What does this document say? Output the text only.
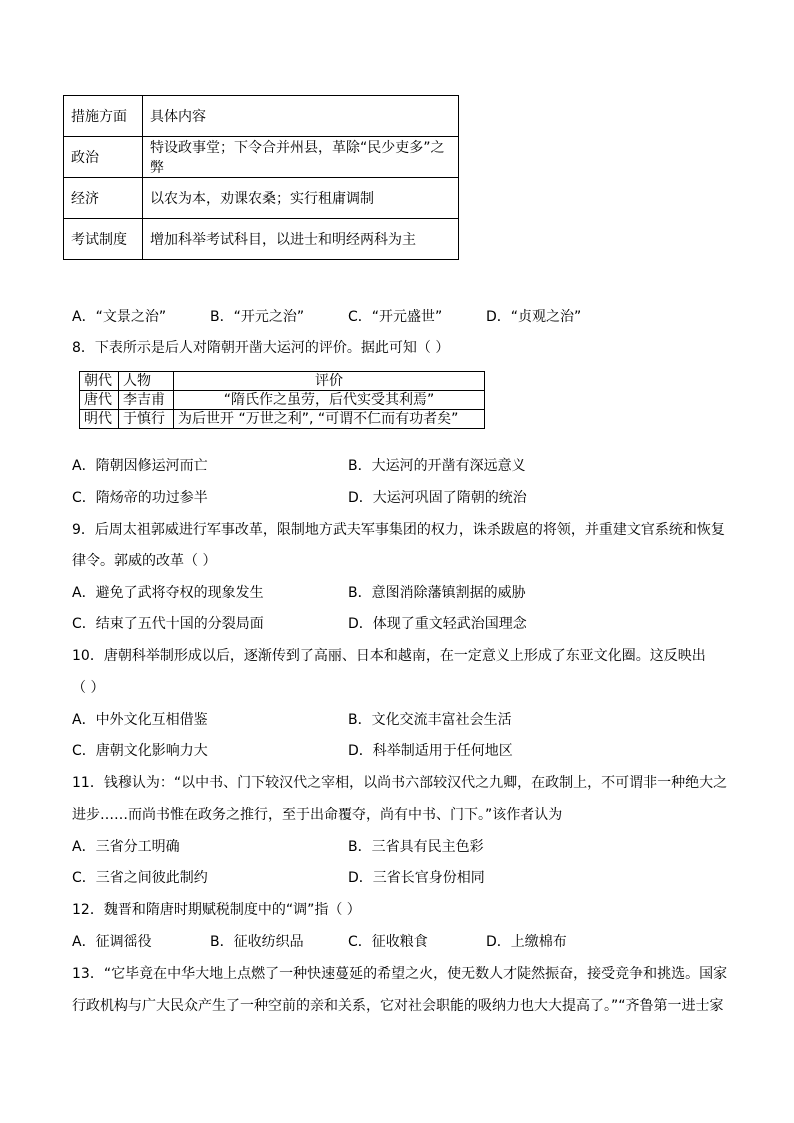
措施方面	具体内容
政治	特设政事堂；下令合并州县，革除“民少吏多”之弊
经济	以农为本，劝课农桑；实行租庸调制
考试制度	增加科举考试科目，以进士和明经两科为主
A．“文景之治”	B．“开元之治”	C．“开元盛世”	D．“贞观之治”
8．下表所示是后人对隋朝开凿大运河的评价。据此可知（ ）
朝代	人物	评价
唐代	李吉甫	“隋氏作之虽劳，后代实受其利焉”
明代	于慎行	为后世开 “万世之利”, “可谓不仁而有功者矣”
A．隋朝因修运河而亡	B．大运河的开凿有深远意义
C．隋炀帝的功过参半	D．大运河巩固了隋朝的统治
9．后周太祖郭威进行军事改革，限制地方武夫军事集团的权力，诛杀跋扈的将领，并重建文官系统和恢复
律令。郭威的改革（ ）
A．避免了武将夺权的现象发生	B．意图消除藩镇割据的威胁
C．结束了五代十国的分裂局面	D．体现了重文轻武治国理念
10．唐朝科举制形成以后，逐渐传到了高丽、日本和越南，在一定意义上形成了东亚文化圈。这反映出
（ ）
A．中外文化互相借鉴	B．文化交流丰富社会生活
C．唐朝文化影响力大	D．科举制适用于任何地区
11．钱穆认为：“以中书、门下较汉代之宰相，以尚书六部较汉代之九卿，在政制上，不可谓非一种绝大之
进步……而尚书惟在政务之推行，至于出命覆夺，尚有中书、门下。”该作者认为
A．三省分工明确	B．三省具有民主色彩
C．三省之间彼此制约	D．三省长官身份相同
12．魏晋和隋唐时期赋税制度中的“调”指（ ）
A．征调徭役	B．征收纺织品	C．征收粮食	D．上缴棉布
13．“它毕竟在中华大地上点燃了一种快速蔓延的希望之火，使无数人才陡然振奋，接受竞争和挑选。国家
行政机构与广大民众产生了一种空前的亲和关系，它对社会职能的吸纳力也大大提高了。”“齐鲁第一进士家
